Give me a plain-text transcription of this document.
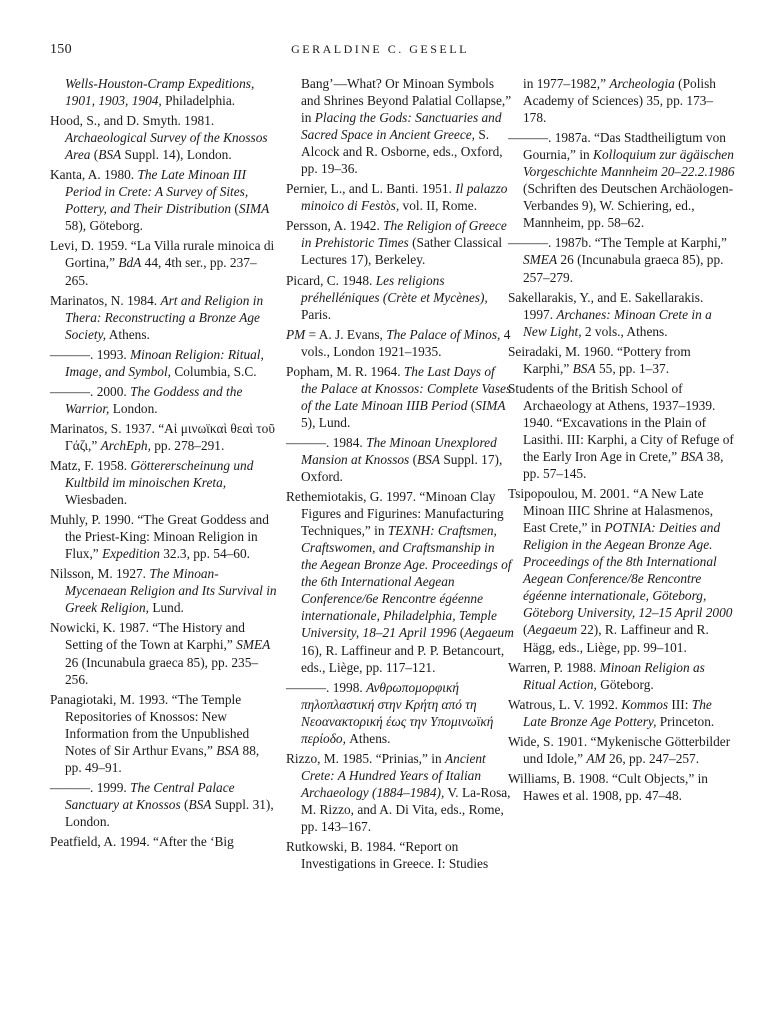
150	GERALDINE C. GESELL

Wells-Houston-Cramp Expeditions, 1901, 1903, 1904, Philadelphia.

Hood, S., and D. Smyth. 1981. Archaeological Survey of the Knossos Area (BSA Suppl. 14), London.

Kanta, A. 1980. The Late Minoan III Period in Crete: A Survey of Sites, Pottery, and Their Distribution (SIMA 58), Göteborg.

Levi, D. 1959. “La Villa rurale minoica di Gortina,” BdA 44, 4th ser., pp. 237–265.

Marinatos, N. 1984. Art and Religion in Thera: Reconstructing a Bronze Age Society, Athens.

———. 1993. Minoan Religion: Ritual, Image, and Symbol, Columbia, S.C.

———. 2000. The Goddess and the Warrior, London.

Marinatos, S. 1937. “Αἱ μινωϊκαὶ θεαὶ τοῦ Γάζι,” ArchEph, pp. 278–291.

Matz, F. 1958. Göttererscheinung und Kultbild im minoischen Kreta, Wiesbaden.

Muhly, P. 1990. “The Great Goddess and the Priest-King: Minoan Religion in Flux,” Expedition 32.3, pp. 54–60.

Nilsson, M. 1927. The Minoan-Mycenaean Religion and Its Survival in Greek Religion, Lund.

Nowicki, K. 1987. “The History and Setting of the Town at Karphi,” SMEA 26 (Incunabula graeca 85), pp. 235–256.

Panagiotaki, M. 1993. “The Temple Repositories of Knossos: New Information from the Unpublished Notes of Sir Arthur Evans,” BSA 88, pp. 49–91.

———. 1999. The Central Palace Sanctuary at Knossos (BSA Suppl. 31), London.

Peatfield, A. 1994. “After the ‘Big

Bang’—What? Or Minoan Symbols and Shrines Beyond Palatial Collapse,” in Placing the Gods: Sanctuaries and Sacred Space in Ancient Greece, S. Alcock and R. Osborne, eds., Oxford, pp. 19–36.

Pernier, L., and L. Banti. 1951. Il palazzo minoico di Festòs, vol. II, Rome.

Persson, A. 1942. The Religion of Greece in Prehistoric Times (Sather Classical Lectures 17), Berkeley.

Picard, C. 1948. Les religions préhelléniques (Crète et Mycènes), Paris.

PM = A. J. Evans, The Palace of Minos, 4 vols., London 1921–1935.

Popham, M. R. 1964. The Last Days of the Palace at Knossos: Complete Vases of the Late Minoan IIIB Period (SIMA 5), Lund.

———. 1984. The Minoan Unexplored Mansion at Knossos (BSA Suppl. 17), Oxford.

Rethemiotakis, G. 1997. “Minoan Clay Figures and Figurines: Manufacturing Techniques,” in TEXNH: Craftsmen, Craftswomen, and Craftsmanship in the Aegean Bronze Age. Proceedings of the 6th International Aegean Conference/6e Rencontre égéenne internationale, Philadelphia, Temple University, 18–21 April 1996 (Aegaeum 16), R. Laffineur and P. P. Betancourt, eds., Liège, pp. 117–121.

———. 1998. Ανθρωπομορφική πηλοπλαστική στην Κρήτη από τη Νεοανακτορική έως την Υπομινωϊκή περίοδο, Athens.

Rizzo, M. 1985. “Prinias,” in Ancient Crete: A Hundred Years of Italian Archaeology (1884–1984), V. La-Rosa, M. Rizzo, and A. Di Vita, eds., Rome, pp. 143–167.

Rutkowski, B. 1984. “Report on Investigations in Greece. I: Studies

in 1977–1982,” Archeologia (Polish Academy of Sciences) 35, pp. 173–178.

———. 1987a. “Das Stadtheiligtum von Gournia,” in Kolloquium zur ägäischen Vorgeschichte Mannheim 20–22.2.1986 (Schriften des Deutschen Archäologen-Verbandes 9), W. Schiering, ed., Mannheim, pp. 58–62.

———. 1987b. “The Temple at Karphi,” SMEA 26 (Incunabula graeca 85), pp. 257–279.

Sakellarakis, Y., and E. Sakellarakis. 1997. Archanes: Minoan Crete in a New Light, 2 vols., Athens.

Seiradaki, M. 1960. “Pottery from Karphi,” BSA 55, pp. 1–37.

Students of the British School of Archaeology at Athens, 1937–1939. 1940. “Excavations in the Plain of Lasithi. III: Karphi, a City of Refuge of the Early Iron Age in Crete,” BSA 38, pp. 57–145.

Tsipopoulou, M. 2001. “A New Late Minoan IIIC Shrine at Halasmenos, East Crete,” in POTNIA: Deities and Religion in the Aegean Bronze Age. Proceedings of the 8th International Aegean Conference/8e Rencontre égéenne internationale, Göteborg, Göteborg University, 12–15 April 2000 (Aegaeum 22), R. Laffineur and R. Hägg, eds., Liège, pp. 99–101.

Warren, P. 1988. Minoan Religion as Ritual Action, Göteborg.

Watrous, L. V. 1992. Kommos III: The Late Bronze Age Pottery, Princeton.

Wide, S. 1901. “Mykenische Götterbilder und Idole,” AM 26, pp. 247–257.

Williams, B. 1908. “Cult Objects,” in Hawes et al. 1908, pp. 47–48.
